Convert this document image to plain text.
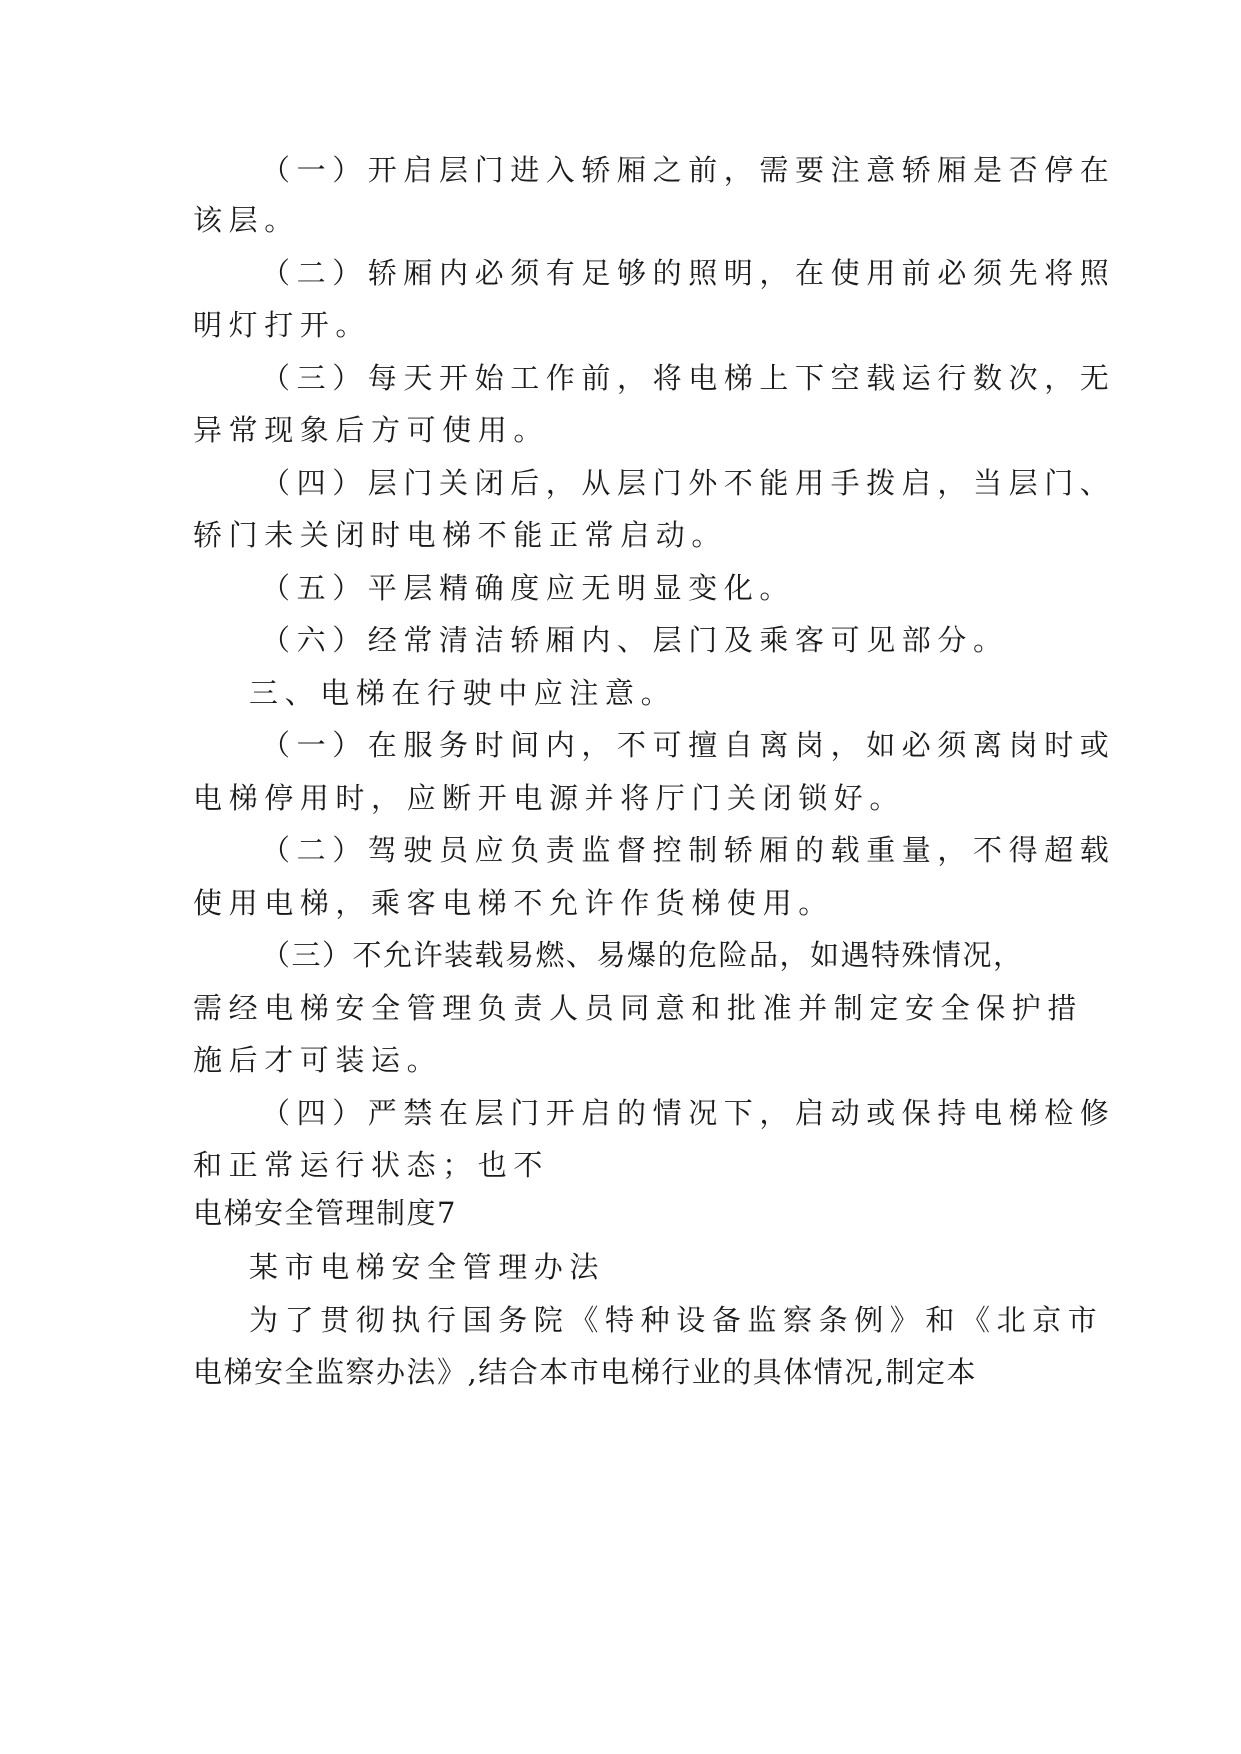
（一）开启层门进入轿厢之前，需要注意轿厢是否停在
该层。
（二）轿厢内必须有足够的照明，在使用前必须先将照
明灯打开。
（三）每天开始工作前，将电梯上下空载运行数次，无
异常现象后方可使用。
（四）层门关闭后，从层门外不能用手拨启，当层门、
轿门未关闭时电梯不能正常启动。
（五）平层精确度应无明显变化。
（六）经常清洁轿厢内、层门及乘客可见部分。
三、电梯在行驶中应注意。
（一）在服务时间内，不可擅自离岗，如必须离岗时或
电梯停用时，应断开电源并将厅门关闭锁好。
（二）驾驶员应负责监督控制轿厢的载重量，不得超载
使用电梯，乘客电梯不允许作货梯使用。
（三）不允许装载易燃、易爆的危险品，如遇特殊情况，
需经电梯安全管理负责人员同意和批准并制定安全保护措
施后才可装运。
（四）严禁在层门开启的情况下，启动或保持电梯检修
和正常运行状态；也不
电梯安全管理制度7
某市电梯安全管理办法
为了贯彻执行国务院《特种设备监察条例》和《北京市
电梯安全监察办法》,结合本市电梯行业的具体情况,制定本
